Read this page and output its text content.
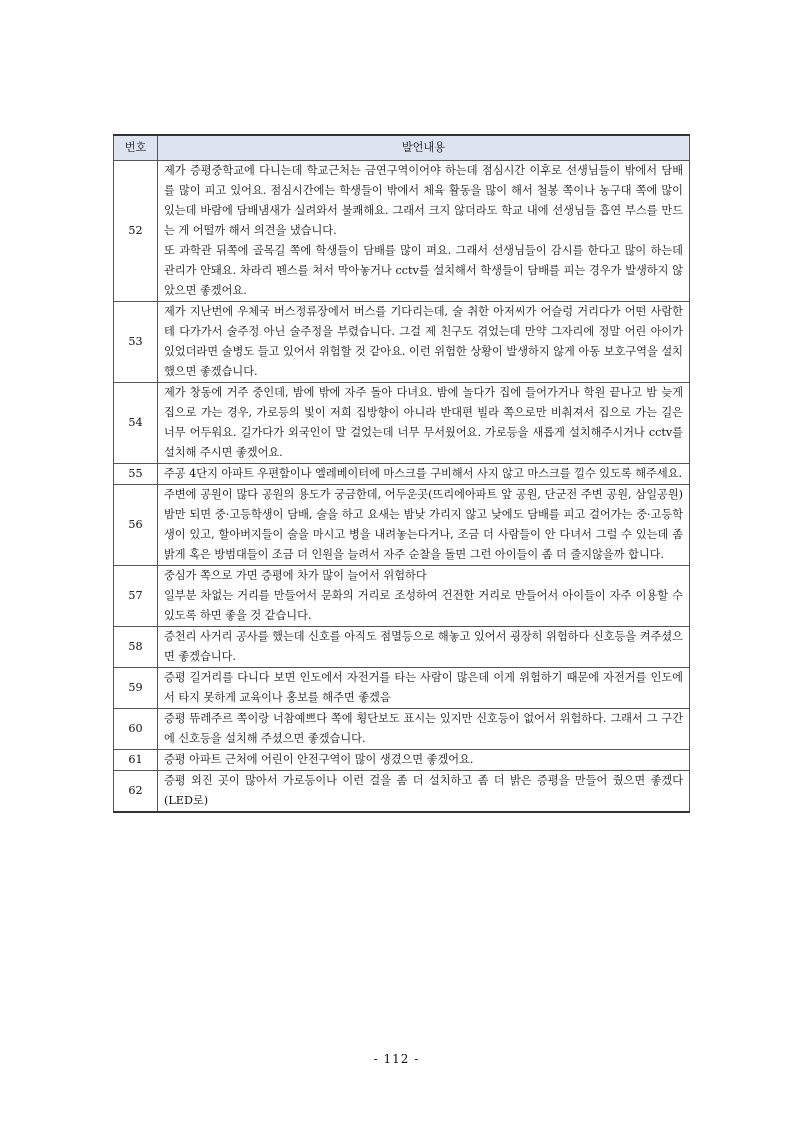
번호	발언내용
52	제가 증평중학교에 다니는데 학교근처는 금연구역이어야 하는데 점심시간 이후로 선생님들이 밖에서 담배를 많이 피고 있어요. 점심시간에는 학생들이 밖에서 체육 활동을 많이 해서 철봉 쪽이나 농구대 쪽에 많이 있는데 바람에 담배냄새가 실려와서 불쾌해요. 그래서 크지 않더라도 학교 내에 선생님들 흡연 부스를 만드는 게 어떨까 해서 의견을 냈습니다.

또 과학관 뒤쪽에 골목길 쪽에 학생들이 담배를 많이 펴요. 그래서 선생님들이 감시를 한다고 많이 하는데 관리가 안돼요. 차라리 펜스를 쳐서 막아놓거나 cctv를 설치해서 학생들이 담배를 피는 경우가 발생하지 않았으면 좋겠어요.

53	제가 지난번에 우체국 버스정류장에서 버스를 기다리는데, 술 취한 아저씨가 어슬렁 거리다가 어떤 사람한테 다가가서 술주정 아닌 술주정을 부렸습니다. 그걸 제 친구도 겪었는데 만약 그자리에 정말 어린 아이가 있었더라면 술병도 들고 있어서 위험할 것 같아요. 이런 위험한 상황이 발생하지 않게 아동 보호구역을 설치했으면 좋겠습니다.

54	제가 창동에 거주 중인데, 밤에 밖에 자주 돌아 다녀요. 밤에 놀다가 집에 들어가거나 학원 끝나고 밤 늦게 집으로 가는 경우, 가로등의 빛이 저희 집방향이 아니라 반대편 빌라 쪽으로만 비춰져서 집으로 가는 길은 너무 어두워요. 길가다가 외국인이 말 걸었는데 너무 무서웠어요. 가로등을 새롭게 설치해주시거나 cctv를 설치해 주시면 좋겠어요.

55	주공 4단지 아파트 우편함이나 엘레베이터에 마스크를 구비해서 사지 않고 마스크를 낄수 있도록 해주세요.

56	주변에 공원이 많다 공원의 용도가 궁금한데, 어두운곳(뜨리에아파트 앞 공원, 단군전 주변 공원, 삼일공원) 밤만 되면 중·고등학생이 담배, 술을 하고 요새는 밤낮 가리지 않고 낮에도 담배를 피고 걸어가는 중·고등학생이 있고, 할아버지들이 술을 마시고 병을 내려놓는다거나, 조금 더 사람들이 안 다녀서 그럴 수 있는데 좀 밝게 혹은 방범대들이 조금 더 인원을 늘려서 자주 순찰을 돌면 그런 아이들이 좀 더 줄지않을까 합니다.

57	중심가 쪽으로 가면 증평에 차가 많이 늘어서 위험하다

일부분 차없는 거리를 만들어서 문화의 거리로 조성하여 건전한 거리로 만들어서 아이들이 자주 이용할 수 있도록 하면 좋을 것 같습니다.

58	증천리 사거리 공사를 했는데 신호를 아직도 점멸등으로 해놓고 있어서 굉장히 위험하다 신호등을 켜주셨으면 좋겠습니다.

59	증평 길거리를 다니다 보면 인도에서 자전거를 타는 사람이 많은데 이게 위험하기 때문에 자전거를 인도에서 타지 못하게 교육이나 홍보를 해주면 좋겠음

60	증평 뜌레주르 쪽이랑 너참예쁘다 쪽에 횡단보도 표시는 있지만 신호등이 없어서 위험하다. 그래서 그 구간에 신호등을 설치해 주셨으면 좋겠습니다.

61	증평 아파트 근처에 어린이 안전구역이 많이 생겼으면 좋겠어요.

62	증평 외진 곳이 많아서 가로등이나 이런 걸을 좀 더 설치하고 좀 더 밝은 증평을 만들어 줬으면 좋겠다 (LED로)

- 112 -
